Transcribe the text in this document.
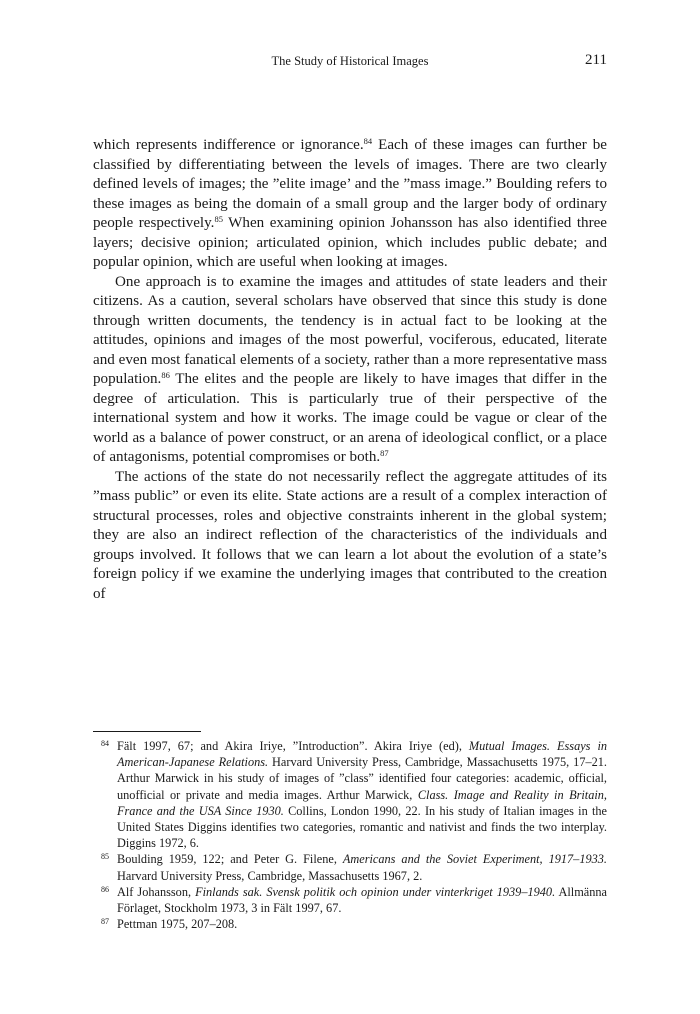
The Study of Historical Images	211

which represents indifference or ignorance.$^{84}$ Each of these images can further be classified by differentiating between the levels of images. There are two clearly defined levels of images; the ”elite image’ and the ”mass image.” Boulding refers to these images as being the domain of a small group and the larger body of ordinary people respectively.$^{85}$ When examining opinion Johansson has also identified three layers; decisive opinion; articulated opinion, which includes public debate; and popular opinion, which are useful when looking at images.

One approach is to examine the images and attitudes of state leaders and their citizens. As a caution, several scholars have observed that since this study is done through written documents, the tendency is in actual fact to be looking at the attitudes, opinions and images of the most powerful, vociferous, educated, literate and even most fanatical elements of a society, rather than a more representative mass population.$^{86}$ The elites and the people are likely to have images that differ in the degree of articulation. This is particularly true of their perspective of the international system and how it works. The image could be vague or clear of the world as a balance of power construct, or an arena of ideological conflict, or a place of antagonisms, potential compromises or both.$^{87}$

The actions of the state do not necessarily reflect the aggregate attitudes of its ”mass public” or even its elite. State actions are a result of a complex interaction of structural processes, roles and objective constraints inherent in the global system; they are also an indirect reflection of the characteristics of the individuals and groups involved. It follows that we can learn a lot about the evolution of a state’s foreign policy if we examine the underlying images that contributed to the creation of

84 Fält 1997, 67; and Akira Iriye, ”Introduction”. Akira Iriye (ed), Mutual Images. Essays in American-Japanese Relations. Harvard University Press, Cambridge, Massachusetts 1975, 17–21. Arthur Marwick in his study of images of ”class” identified four categories: academic, official, unofficial or private and media images. Arthur Marwick, Class. Image and Reality in Britain, France and the USA Since 1930. Collins, London 1990, 22. In his study of Italian images in the United States Diggins identifies two categories, romantic and nativist and finds the two interplay. Diggins 1972, 6.
85 Boulding 1959, 122; and Peter G. Filene, Americans and the Soviet Experiment, 1917–1933. Harvard University Press, Cambridge, Massachusetts 1967, 2.
86 Alf Johansson, Finlands sak. Svensk politik och opinion under vinterkriget 1939–1940. Allmänna Förlaget, Stockholm 1973, 3 in Fält 1997, 67.
87 Pettman 1975, 207–208.
